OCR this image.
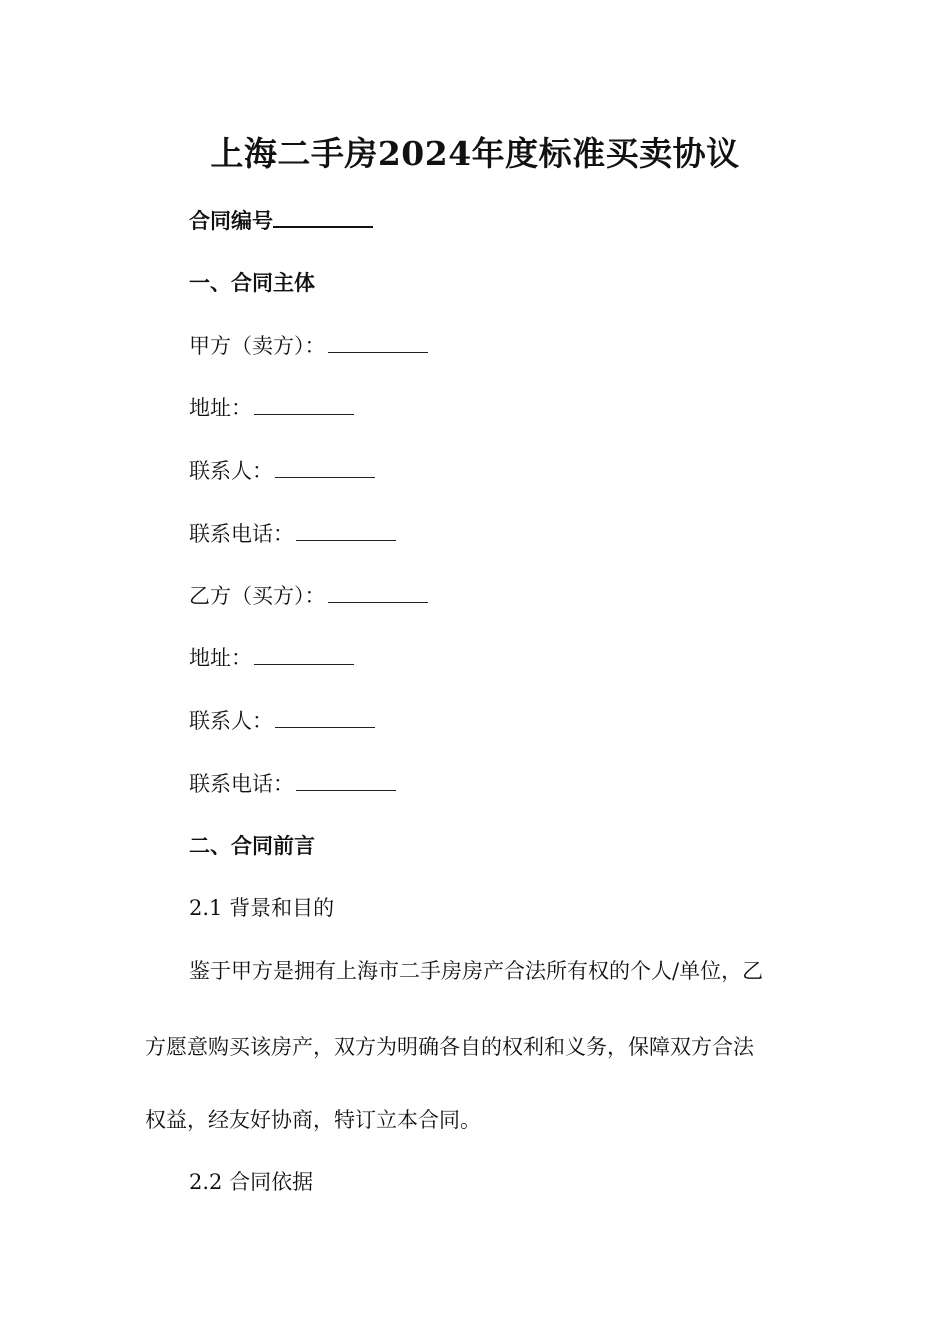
上海二手房2024年度标准买卖协议

合同编号

一、合同主体

甲方（卖方）：

地址：

联系人：

联系电话：

乙方（买方）：

地址：

联系人：

联系电话：

二、合同前言

2.1 背景和目的

鉴于甲方是拥有上海市二手房房产合法所有权的个人/单位，乙

方愿意购买该房产，双方为明确各自的权利和义务，保障双方合法

权益，经友好协商，特订立本合同。

2.2 合同依据
